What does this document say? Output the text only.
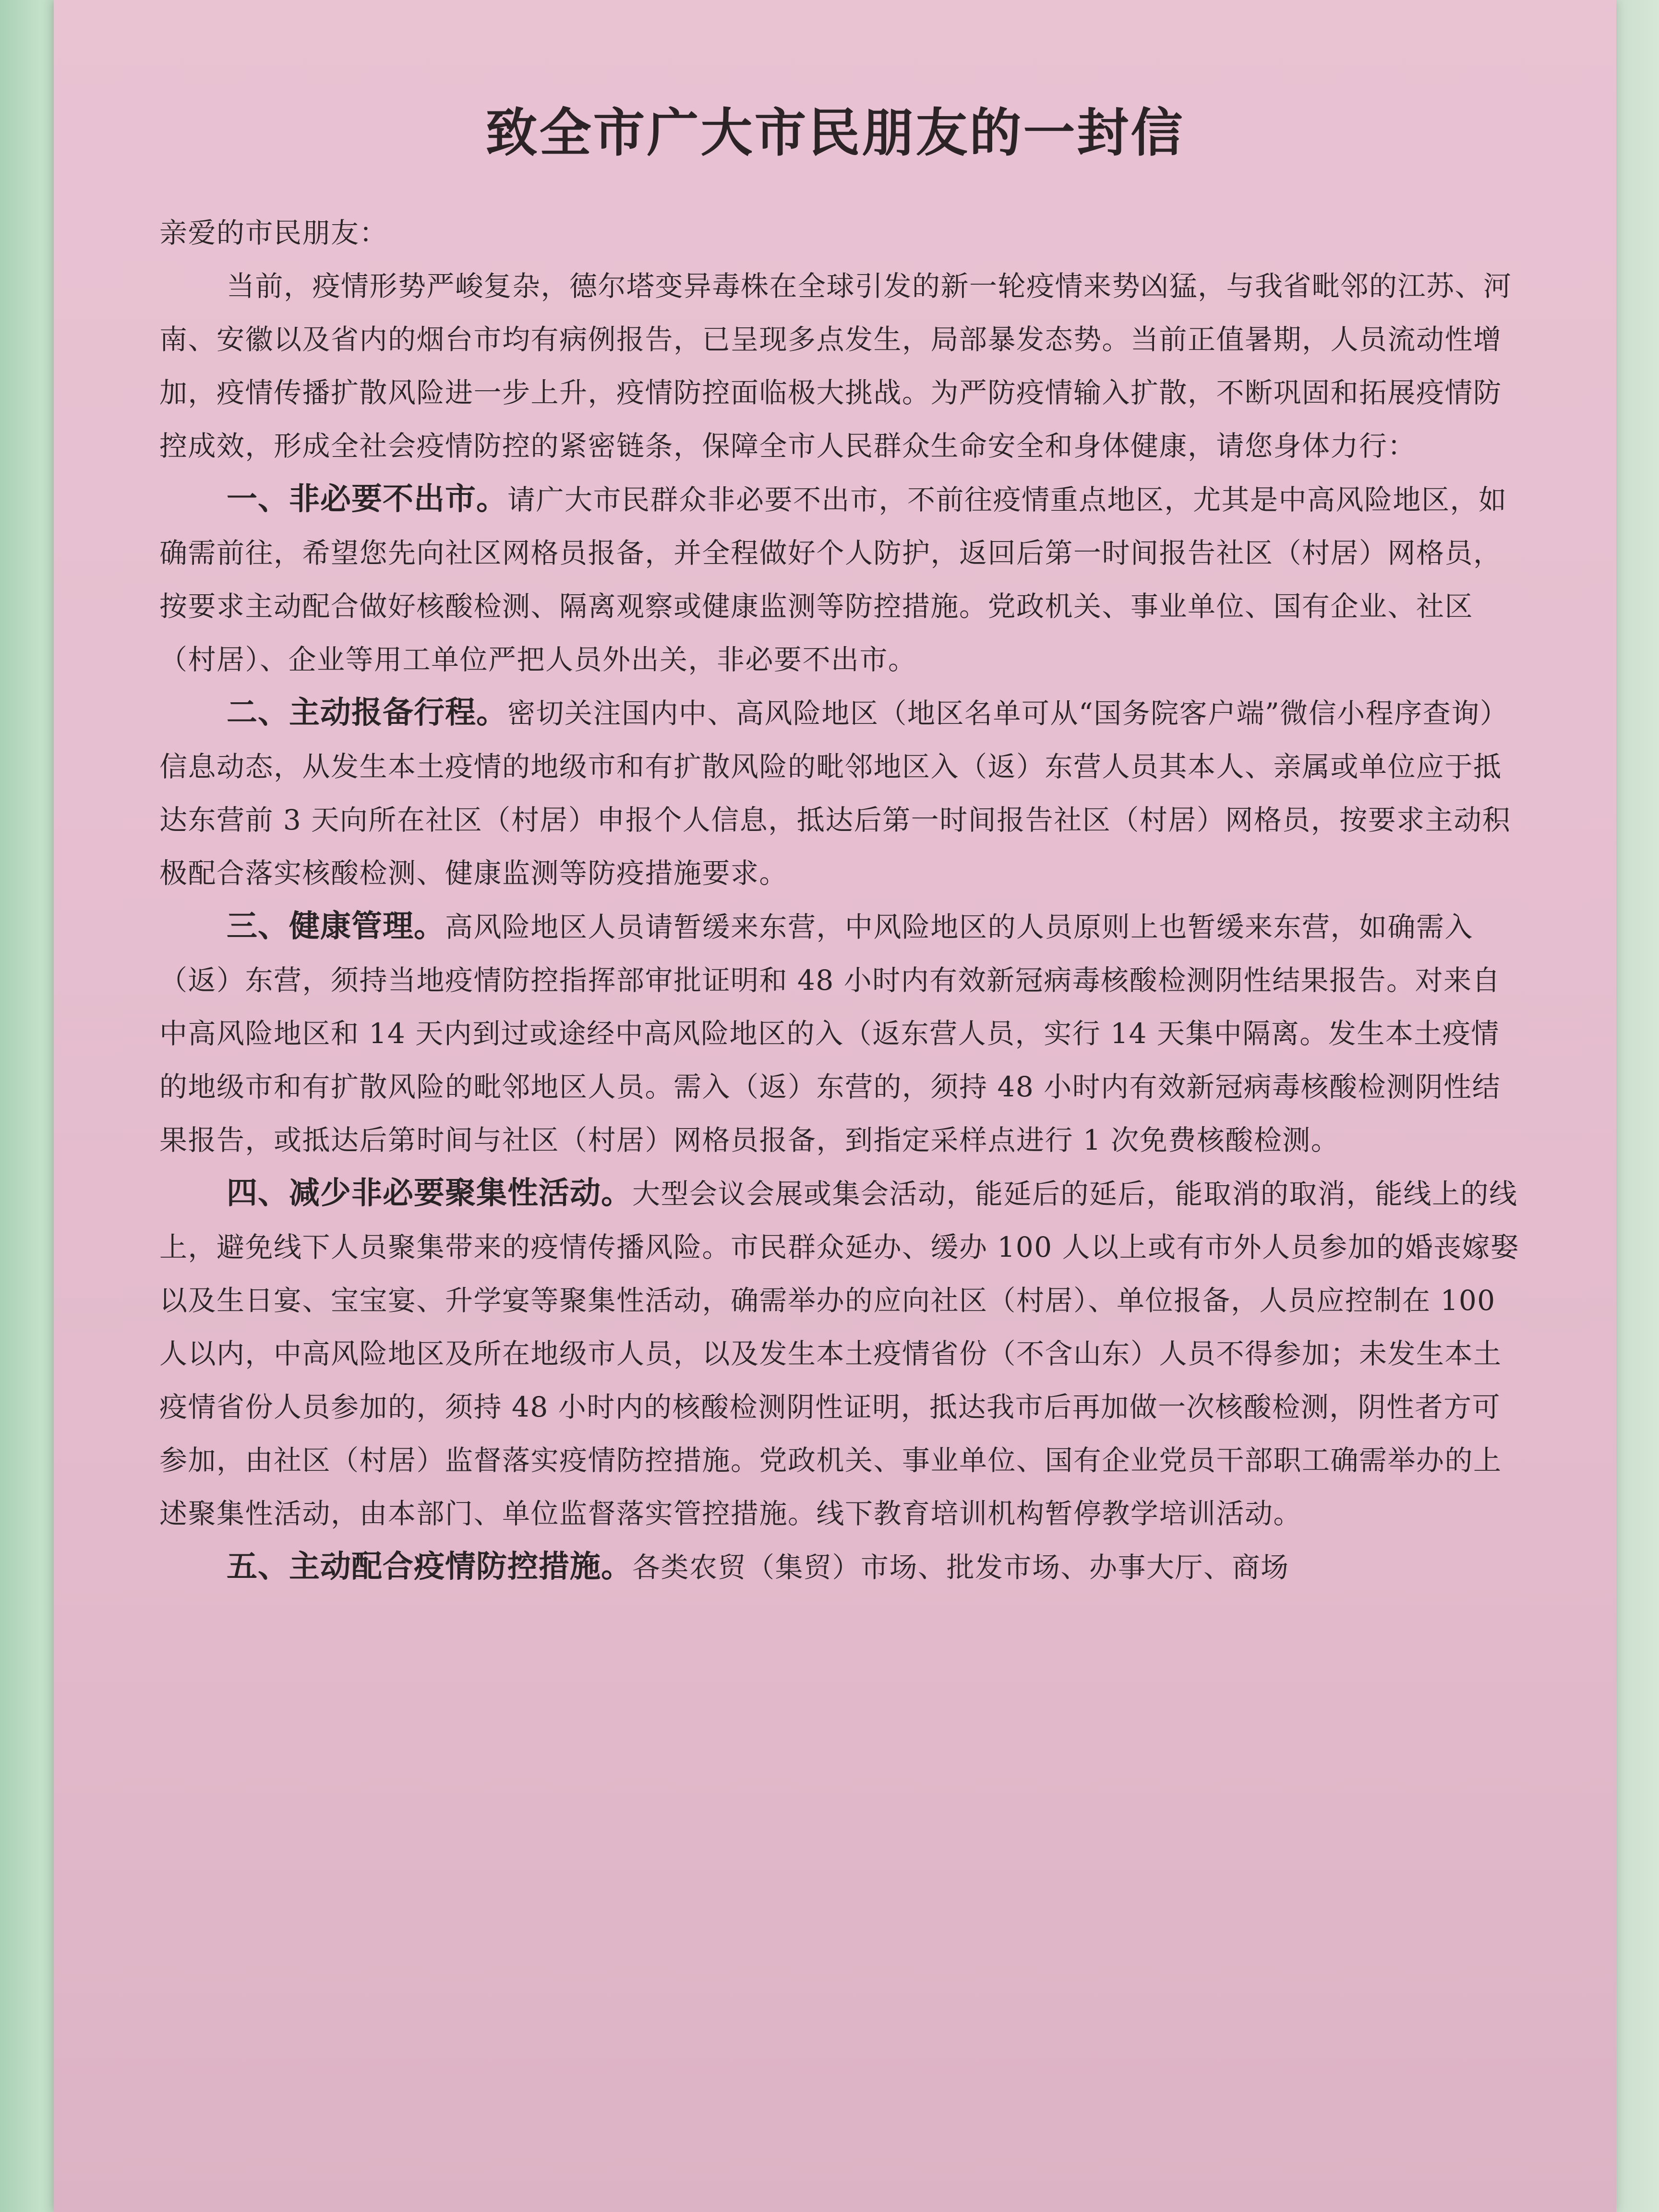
致全市广大市民朋友的一封信

亲爱的市民朋友：

当前，疫情形势严峻复杂，德尔塔变异毒株在全球引发的新一轮疫情来势凶猛，与我省毗邻的江苏、河南、安徽以及省内的烟台市均有病例报告，已呈现多点发生，局部暴发态势。当前正值暑期，人员流动性增加，疫情传播扩散风险进一步上升，疫情防控面临极大挑战。为严防疫情输入扩散，不断巩固和拓展疫情防控成效，形成全社会疫情防控的紧密链条，保障全市人民群众生命安全和身体健康，请您身体力行：

一、非必要不出市。请广大市民群众非必要不出市，不前往疫情重点地区，尤其是中高风险地区，如确需前往，希望您先向社区网格员报备，并全程做好个人防护，返回后第一时间报告社区（村居）网格员，按要求主动配合做好核酸检测、隔离观察或健康监测等防控措施。党政机关、事业单位、国有企业、社区（村居）、企业等用工单位严把人员外出关，非必要不出市。

二、主动报备行程。密切关注国内中、高风险地区（地区名单可从“国务院客户端”微信小程序查询）信息动态，从发生本土疫情的地级市和有扩散风险的毗邻地区入（返）东营人员其本人、亲属或单位应于抵达东营前 3 天向所在社区（村居）申报个人信息，抵达后第一时间报告社区（村居）网格员，按要求主动积极配合落实核酸检测、健康监测等防疫措施要求。

三、健康管理。高风险地区人员请暂缓来东营，中风险地区的人员原则上也暂缓来东营，如确需入（返）东营，须持当地疫情防控指挥部审批证明和 48 小时内有效新冠病毒核酸检测阴性结果报告。对来自中高风险地区和 14 天内到过或途经中高风险地区的入（返东营人员，实行 14 天集中隔离。发生本土疫情的地级市和有扩散风险的毗邻地区人员。需入（返）东营的，须持 48 小时内有效新冠病毒核酸检测阴性结果报告，或抵达后第时间与社区（村居）网格员报备，到指定采样点进行 1 次免费核酸检测。

四、减少非必要聚集性活动。大型会议会展或集会活动，能延后的延后，能取消的取消，能线上的线上，避免线下人员聚集带来的疫情传播风险。市民群众延办、缓办 100 人以上或有市外人员参加的婚丧嫁娶以及生日宴、宝宝宴、升学宴等聚集性活动，确需举办的应向社区（村居）、单位报备，人员应控制在 100 人以内，中高风险地区及所在地级市人员，以及发生本土疫情省份（不含山东）人员不得参加；未发生本土疫情省份人员参加的，须持 48 小时内的核酸检测阴性证明，抵达我市后再加做一次核酸检测，阴性者方可参加，由社区（村居）监督落实疫情防控措施。党政机关、事业单位、国有企业党员干部职工确需举办的上述聚集性活动，由本部门、单位监督落实管控措施。线下教育培训机构暂停教学培训活动。

五、主动配合疫情防控措施。各类农贸（集贸）市场、批发市场、办事大厅、商场
